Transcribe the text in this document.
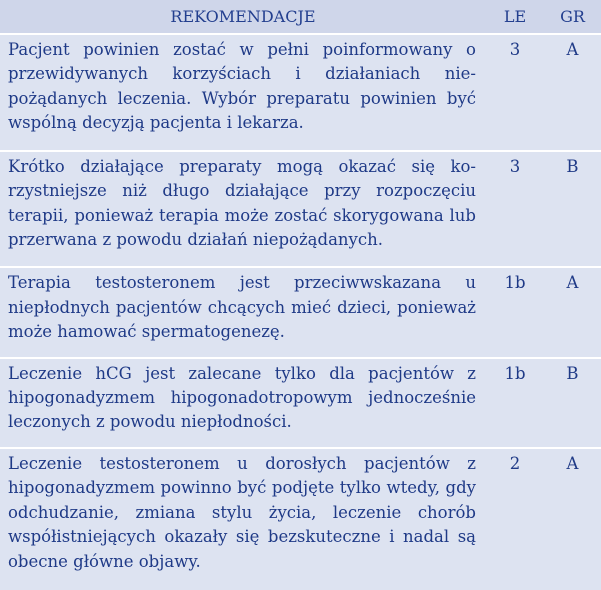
REKOMENDACJE	LE	GR
Pacjent powinien zostać w pełni poinformowany o przewidywanych korzyściach i działaniach niepożądanych leczenia. Wybór preparatu powinien być wspólną decyzją pacjenta i lekarza.	3	A
Krótko działające preparaty mogą okazać się korzystniejsze niż długo działające przy rozpoczęciu terapii, ponieważ terapia może zostać skorygowana lub przerwana z powodu działań niepożądanych.	3	B
Terapia testosteronem jest przeciwwskazana u niepłodnych pacjentów chcących mieć dzieci, ponieważ może hamować spermatogenezę.	1b	A
Leczenie hCG jest zalecane tylko dla pacjentów z hipogonadyzmem hipogonadotropowym jednocześnie leczonych z powodu niepłodności.	1b	B
Leczenie testosteronem u dorosłych pacjentów z hipogonadyzmem powinno być podjęte tylko wtedy, gdy odchudzanie, zmiana stylu życia, leczenie chorób współistniejących okazały się bezskuteczne i nadal są obecne główne objawy.	2	A
